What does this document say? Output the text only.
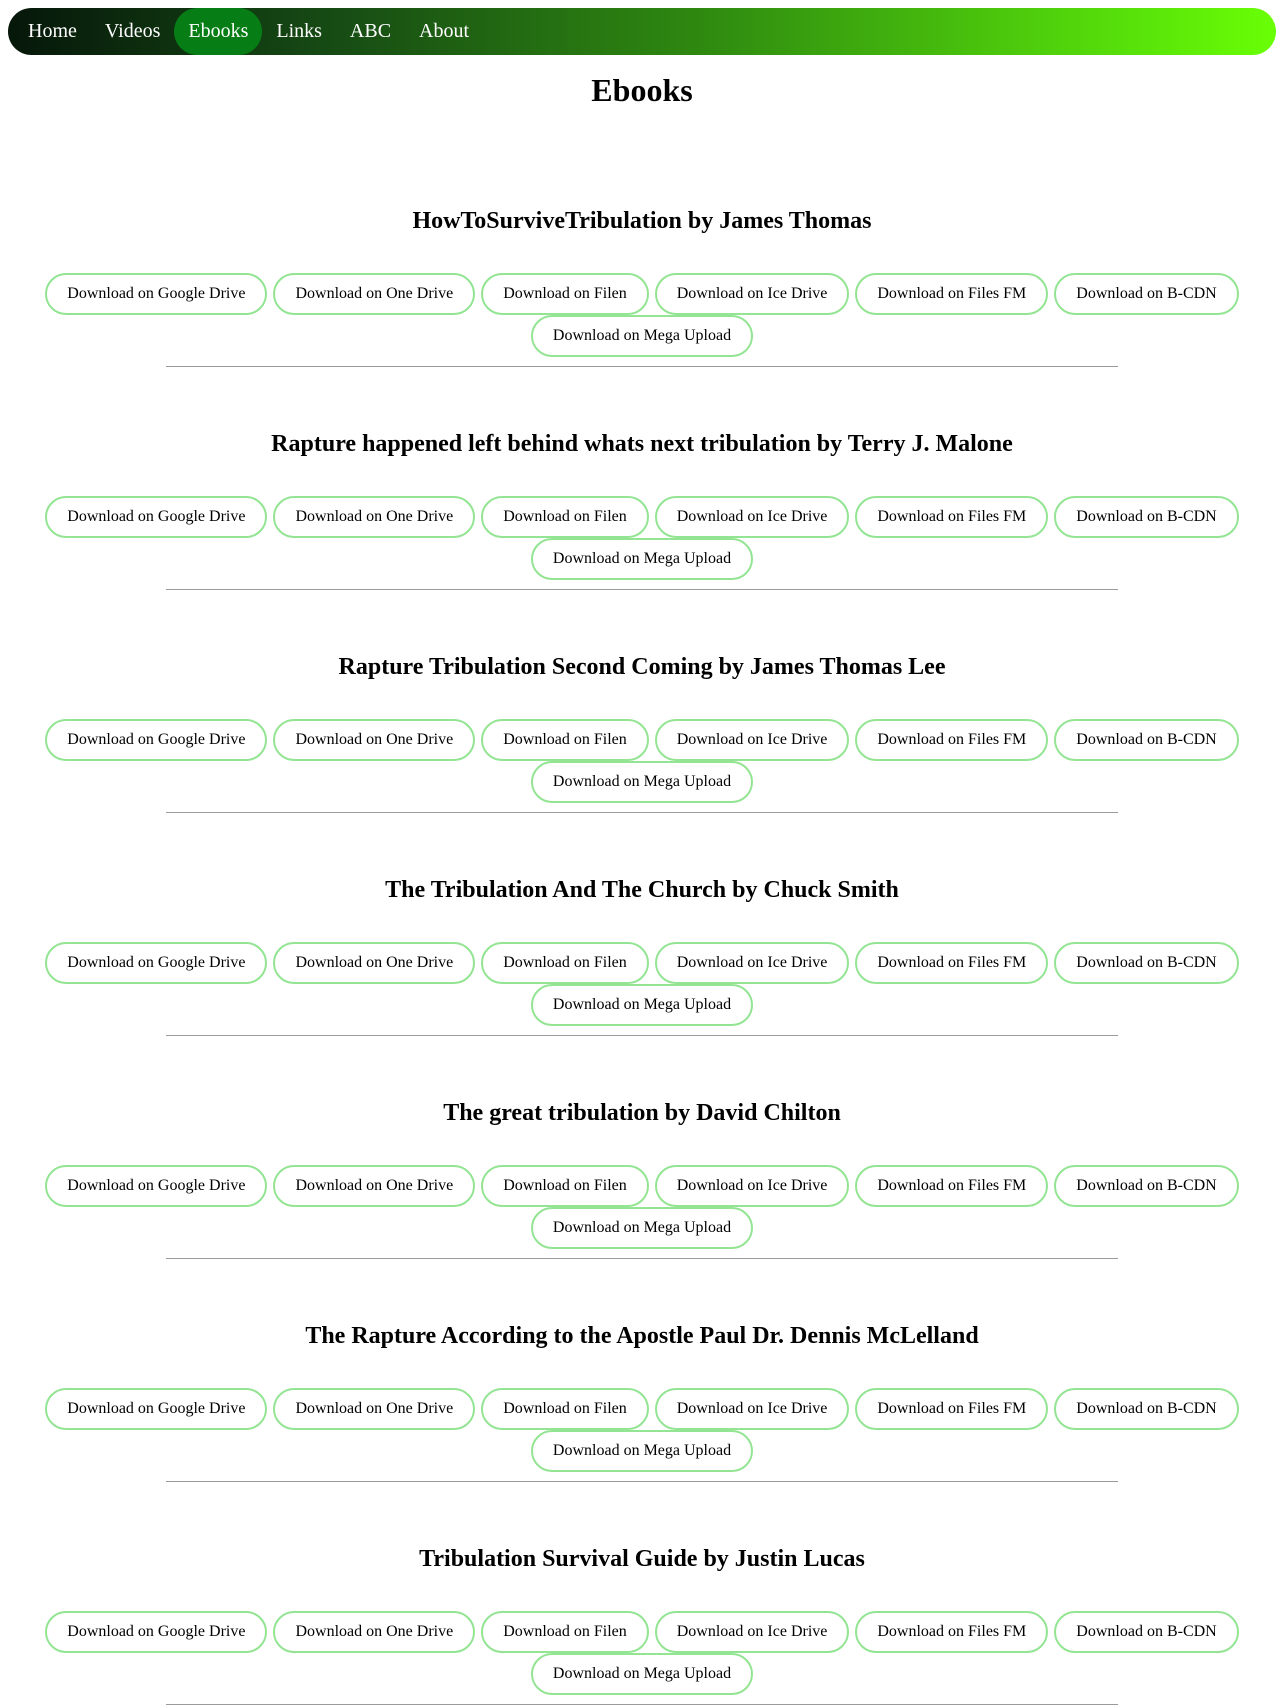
Home	Ebooks
Videos	Links	ABC	About
Ebooks
HowToSurviveTribulation by James Thomas
Download on Google Drive	Download on One Drive	Download on Filen	Download on Ice Drive	Download on Files FM	Download on B-CDN
Download on Mega Upload
Rapture happened left behind whats next tribulation by Terry J. Malone
Download on Google Drive	Download on One Drive	Download on Filen	Download on Ice Drive	Download on Files FM	Download on B-CDN
Download on Mega Upload
Rapture Tribulation Second Coming by James Thomas Lee
Download on Google Drive	Download on One Drive	Download on Filen	Download on Ice Drive	Download on Files FM	Download on B-CDN
Download on Mega Upload
The Tribulation And The Church by Chuck Smith
Download on Google Drive	Download on One Drive	Download on Filen	Download on Ice Drive	Download on Files FM	Download on B-CDN
Download on Mega Upload
The great tribulation by David Chilton
Download on Google Drive	Download on One Drive	Download on Filen	Download on Ice Drive	Download on Files FM	Download on B-CDN
Download on Mega Upload
The Rapture According to the Apostle Paul Dr. Dennis McLelland
Download on Google Drive	Download on One Drive	Download on Filen	Download on Ice Drive	Download on Files FM	Download on B-CDN
Download on Mega Upload
Tribulation Survival Guide by Justin Lucas
Download on Google Drive	Download on One Drive	Download on Filen	Download on Ice Drive	Download on Files FM	Download on B-CDN
Download on Mega Upload
